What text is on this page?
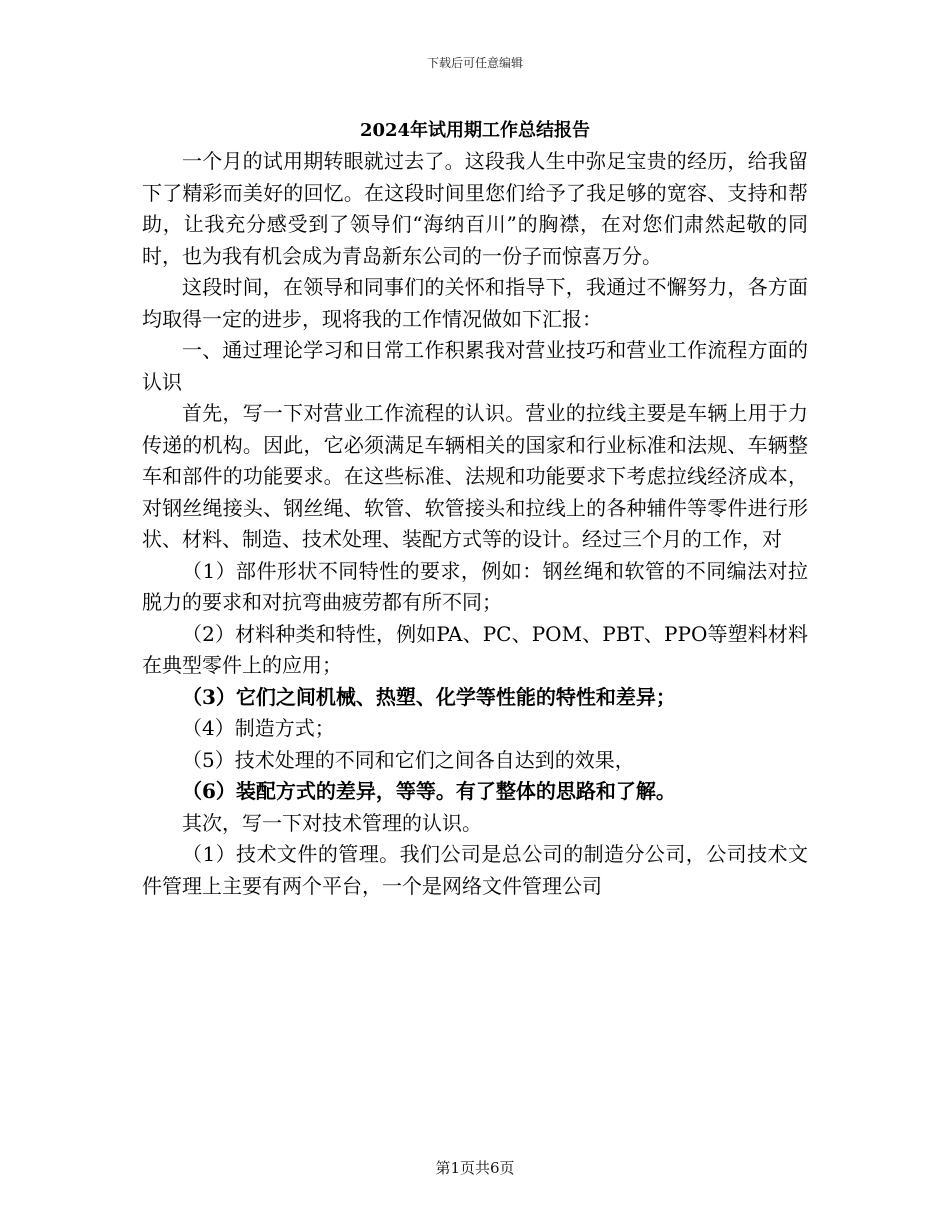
下载后可任意编辑
2024年试用期工作总结报告

一个月的试用期转眼就过去了。这段我人生中弥足宝贵的经历，给我留下了精彩而美好的回忆。在这段时间里您们给予了我足够的宽容、支持和帮助，让我充分感受到了领导们“海纳百川”的胸襟，在对您们肃然起敬的同时，也为我有机会成为青岛新东公司的一份子而惊喜万分。

这段时间，在领导和同事们的关怀和指导下，我通过不懈努力，各方面均取得一定的进步，现将我的工作情况做如下汇报：

一、通过理论学习和日常工作积累我对营业技巧和营业工作流程方面的认识

首先，写一下对营业工作流程的认识。营业的拉线主要是车辆上用于力传递的机构。因此，它必须满足车辆相关的国家和行业标准和法规、车辆整车和部件的功能要求。在这些标准、法规和功能要求下考虑拉线经济成本，对钢丝绳接头、钢丝绳、软管、软管接头和拉线上的各种辅件等零件进行形状、材料、制造、技术处理、装配方式等的设计。经过三个月的工作，对

（1）部件形状不同特性的要求，例如：钢丝绳和软管的不同编法对拉脱力的要求和对抗弯曲疲劳都有所不同；

（2）材料种类和特性，例如PA、PC、POM、PBT、PPO等塑料材料在典型零件上的应用；

（3）它们之间机械、热塑、化学等性能的特性和差异；

（4）制造方式；

（5）技术处理的不同和它们之间各自达到的效果，

（6）装配方式的差异，等等。有了整体的思路和了解。

其次，写一下对技术管理的认识。

（1）技术文件的管理。我们公司是总公司的制造分公司，公司技术文件管理上主要有两个平台，一个是网络文件管理公司

第1页共6页
